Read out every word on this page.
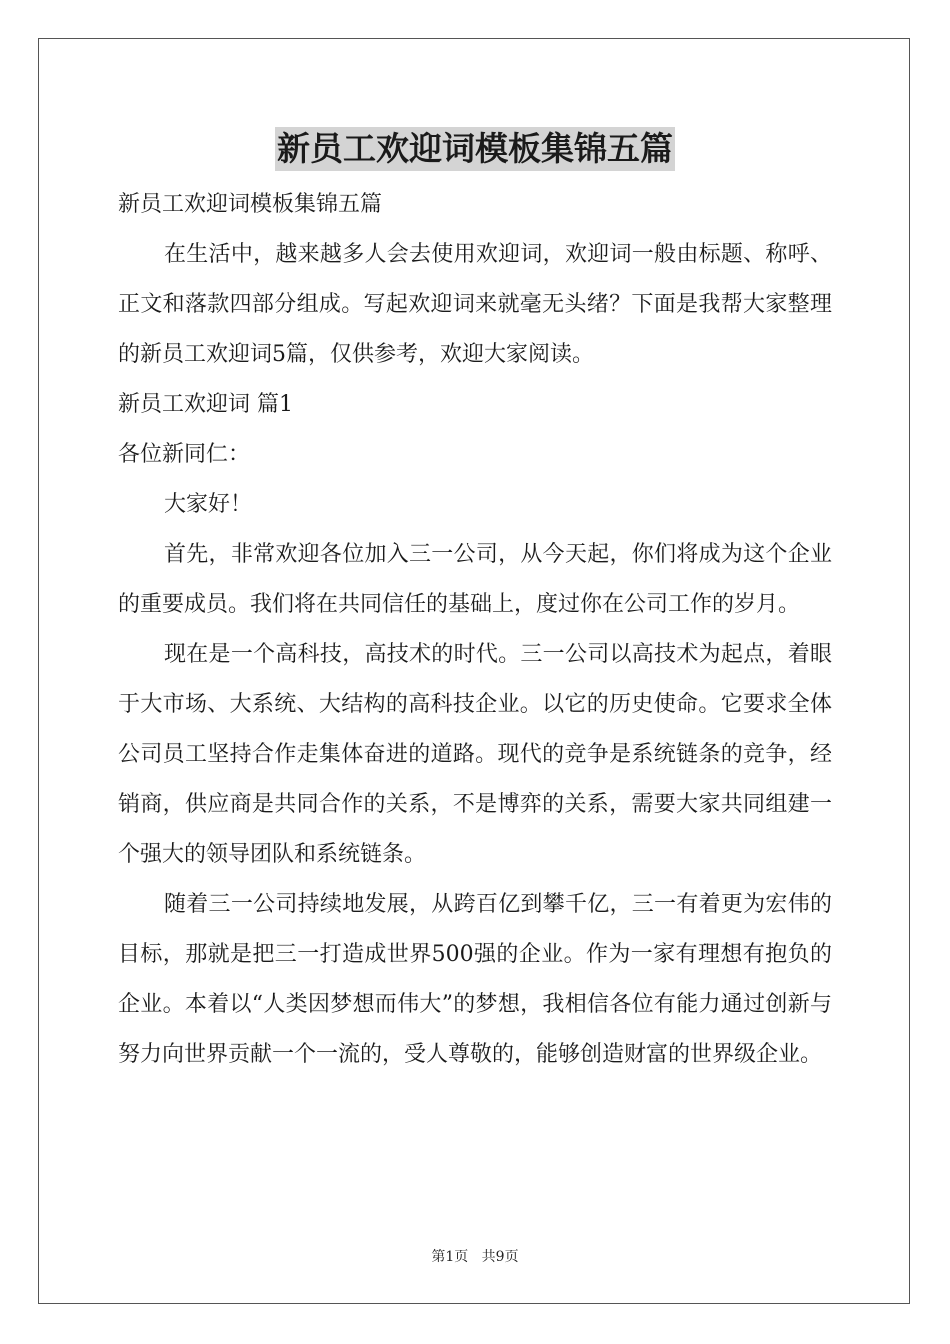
新员工欢迎词模板集锦五篇

新员工欢迎词模板集锦五篇

在生活中，越来越多人会去使用欢迎词，欢迎词一般由标题、称呼、正文和落款四部分组成。写起欢迎词来就毫无头绪？下面是我帮大家整理的新员工欢迎词5篇，仅供参考，欢迎大家阅读。

新员工欢迎词 篇1

各位新同仁：

大家好！

首先，非常欢迎各位加入三一公司，从今天起，你们将成为这个企业的重要成员。我们将在共同信任的基础上，度过你在公司工作的岁月。

现在是一个高科技，高技术的时代。三一公司以高技术为起点，着眼于大市场、大系统、大结构的高科技企业。以它的历史使命。它要求全体公司员工坚持合作走集体奋进的道路。现代的竞争是系统链条的竞争，经销商，供应商是共同合作的关系，不是博弈的关系，需要大家共同组建一个强大的领导团队和系统链条。

随着三一公司持续地发展，从跨百亿到攀千亿，三一有着更为宏伟的目标，那就是把三一打造成世界500强的企业。作为一家有理想有抱负的企业。本着以“人类因梦想而伟大”的梦想，我相信各位有能力通过创新与努力向世界贡献一个一流的，受人尊敬的，能够创造财富的世界级企业。

第1页 共9页
